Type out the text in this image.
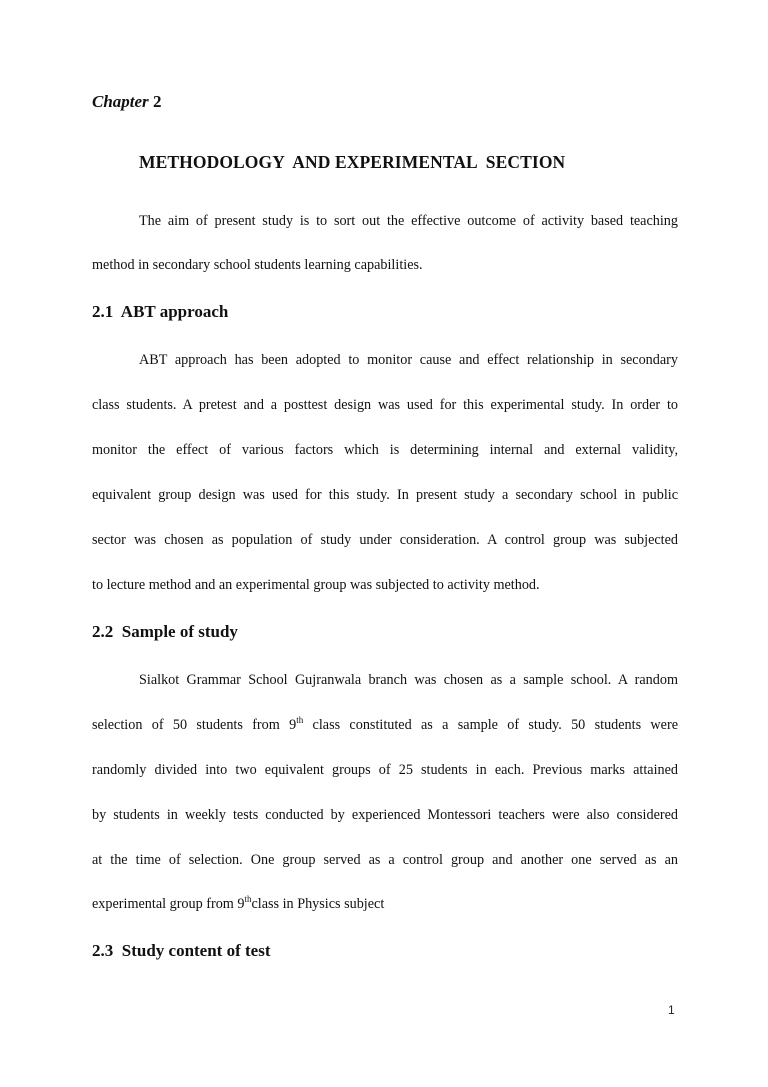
Chapter 2
METHODOLOGY  AND EXPERIMENTAL  SECTION
The aim of present study is to sort out the effective outcome of activity based teaching
method in secondary school students learning capabilities.
2.1  ABT approach
ABT approach has been adopted to monitor cause and effect relationship in secondary
class students. A pretest and a posttest design was used for this experimental study. In order to
monitor the effect of various factors which is determining internal and external validity,
equivalent group design was used for this study. In present study a secondary school in public
sector was chosen as population of study under consideration. A control group was subjected
to lecture method and an experimental group was subjected to activity method.
2.2  Sample of study
Sialkot Grammar School Gujranwala branch was chosen as a sample school. A random
selection of 50 students from 9th class constituted as a sample of study. 50 students were
randomly divided into two equivalent groups of 25 students in each. Previous marks attained
by students in weekly tests conducted by experienced Montessori teachers were also considered
at the time of selection. One group served as a control group and another one served as an
experimental group from 9thclass in Physics subject
2.3  Study content of test
1
